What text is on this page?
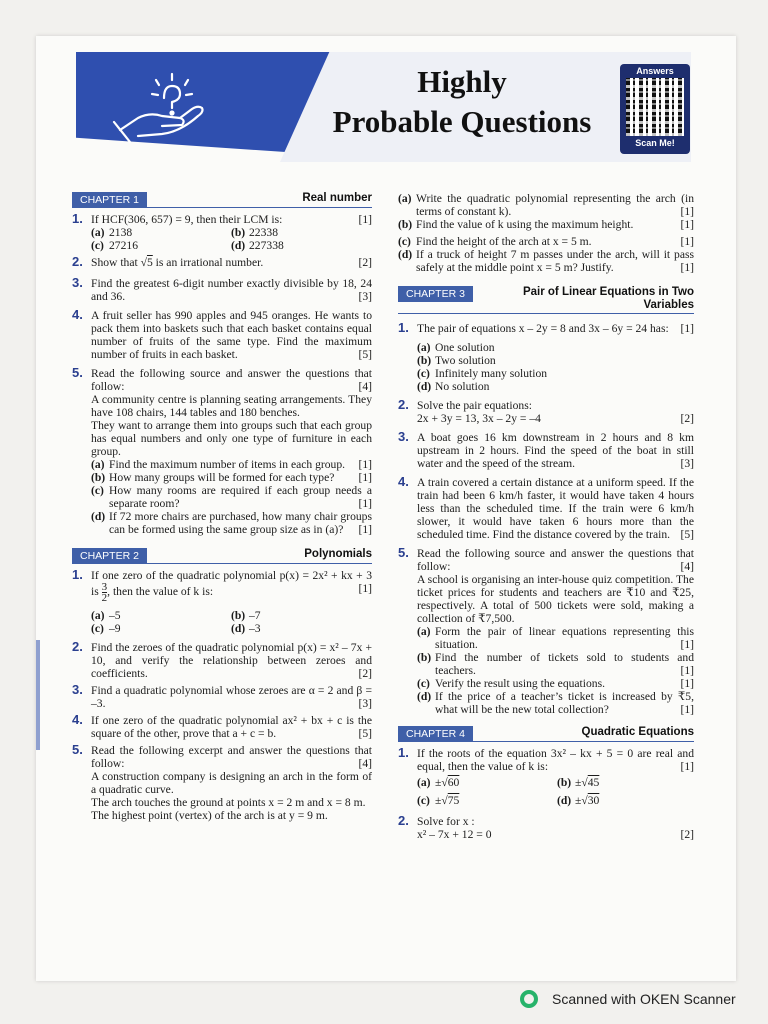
Highly
Probable Questions
Answers
Scan Me!
CHAPTER 1	Real number
1.	[1]
If HCF(306, 657) = 9, then their LCM is:
(a) 2138	(b) 22338
(c) 27216	(d) 227338
2.	[2]
Show that √5 is an irrational number.
3. Find the greatest 6-digit number exactly divisible by 18, 24 and 36.	[3]
4. A fruit seller has 990 apples and 945 oranges. He wants to pack them into baskets such that each basket contains equal number of fruits of the same type. Find the maximum number of fruits in each basket.	[5]
5. Read the following source and answer the questions that follow:	[4]
A community centre is planning seating arrangements. They have 108 chairs, 144 tables and 180 benches.
They want to arrange them into groups such that each group has equal numbers and only one type of furniture in each group.
(a) Find the maximum number of items in each group. [1]
(b) How many groups will be formed for each type? [1]
(c) How many rooms are required if each group needs a separate room?	[1]
(d) If 72 more chairs are purchased, how many chair groups can be formed using the same group size as in (a)? [1]
CHAPTER 2	Polynomials
1. If one zero of the quadratic polynomial p(x) = 2x² + kx + 3 is $\frac{3}{2}$ , then the value of k is:	[1]
(a) –5	(b) –7
(c) –9	(d) –3
2. Find the zeroes of the quadratic polynomial p(x) = x² – 7x + 10, and verify the relationship between zeroes and coefficients.	[2]
3. Find a quadratic polynomial whose zeroes are α = 2 and β = –3.	[3]
4. If one zero of the quadratic polynomial ax² + bx + c is the square of the other, prove that a + c = b.	[5]
5. Read the following excerpt and answer the questions that follow:	[4]
A construction company is designing an arch in the form of a quadratic curve.
The arch touches the ground at points x = 2 m and x = 8 m.
The highest point (vertex) of the arch is at y = 9 m.
(a) Write the quadratic polynomial representing the arch (in terms of constant k).	[1]
(b) Find the value of k using the maximum height.	[1]
(c) Find the height of the arch at x = 5 m.	[1]
(d) If a truck of height 7 m passes under the arch, will it pass safely at the middle point x = 5 m? Justify.	[1]
CHAPTER 3	Pair of Linear Equations in Two Variables
1. The pair of equations x – 2y = 8 and 3x – 6y = 24 has: [1]
(a) One solution
(b) Two solution
(c) Infinitely many solution
(d) No solution
2. Solve the pair equations:
2x + 3y = 13, 3x – 2y = –4	[2]
3. A boat goes 16 km downstream in 2 hours and 8 km upstream in 2 hours. Find the speed of the boat in still water and the speed of the stream.	[3]
4. A train covered a certain distance at a uniform speed. If the train had been 6 km/h faster, it would have taken 4 hours less than the scheduled time. If the train were 6 km/h slower, it would have taken 6 hours more than the scheduled time. Find the distance covered by the train. [5]
5. Read the following source and answer the questions that follow:	[4]
A school is organising an inter-house quiz competition. The ticket prices for students and teachers are ₹10 and ₹25, respectively. A total of 500 tickets were sold, making a collection of ₹7,500.
(a) Form the pair of linear equations representing this situation.	[1]
(b) Find the number of tickets sold to students and teachers.	[1]
(c) Verify the result using the equations.	[1]
(d) If the price of a teacher’s ticket is increased by ₹5, what will be the new total collection?	[1]
CHAPTER 4	Quadratic Equations
1. If the roots of the equation 3x² – kx + 5 = 0 are real and equal, then the value of k is:	[1]
(a) ±√60	(b) ±√45
(c) ±√75	(d) ±√30
2. Solve for x :
x² – 7x + 12 = 0	[2]
Scanned with OKEN Scanner
